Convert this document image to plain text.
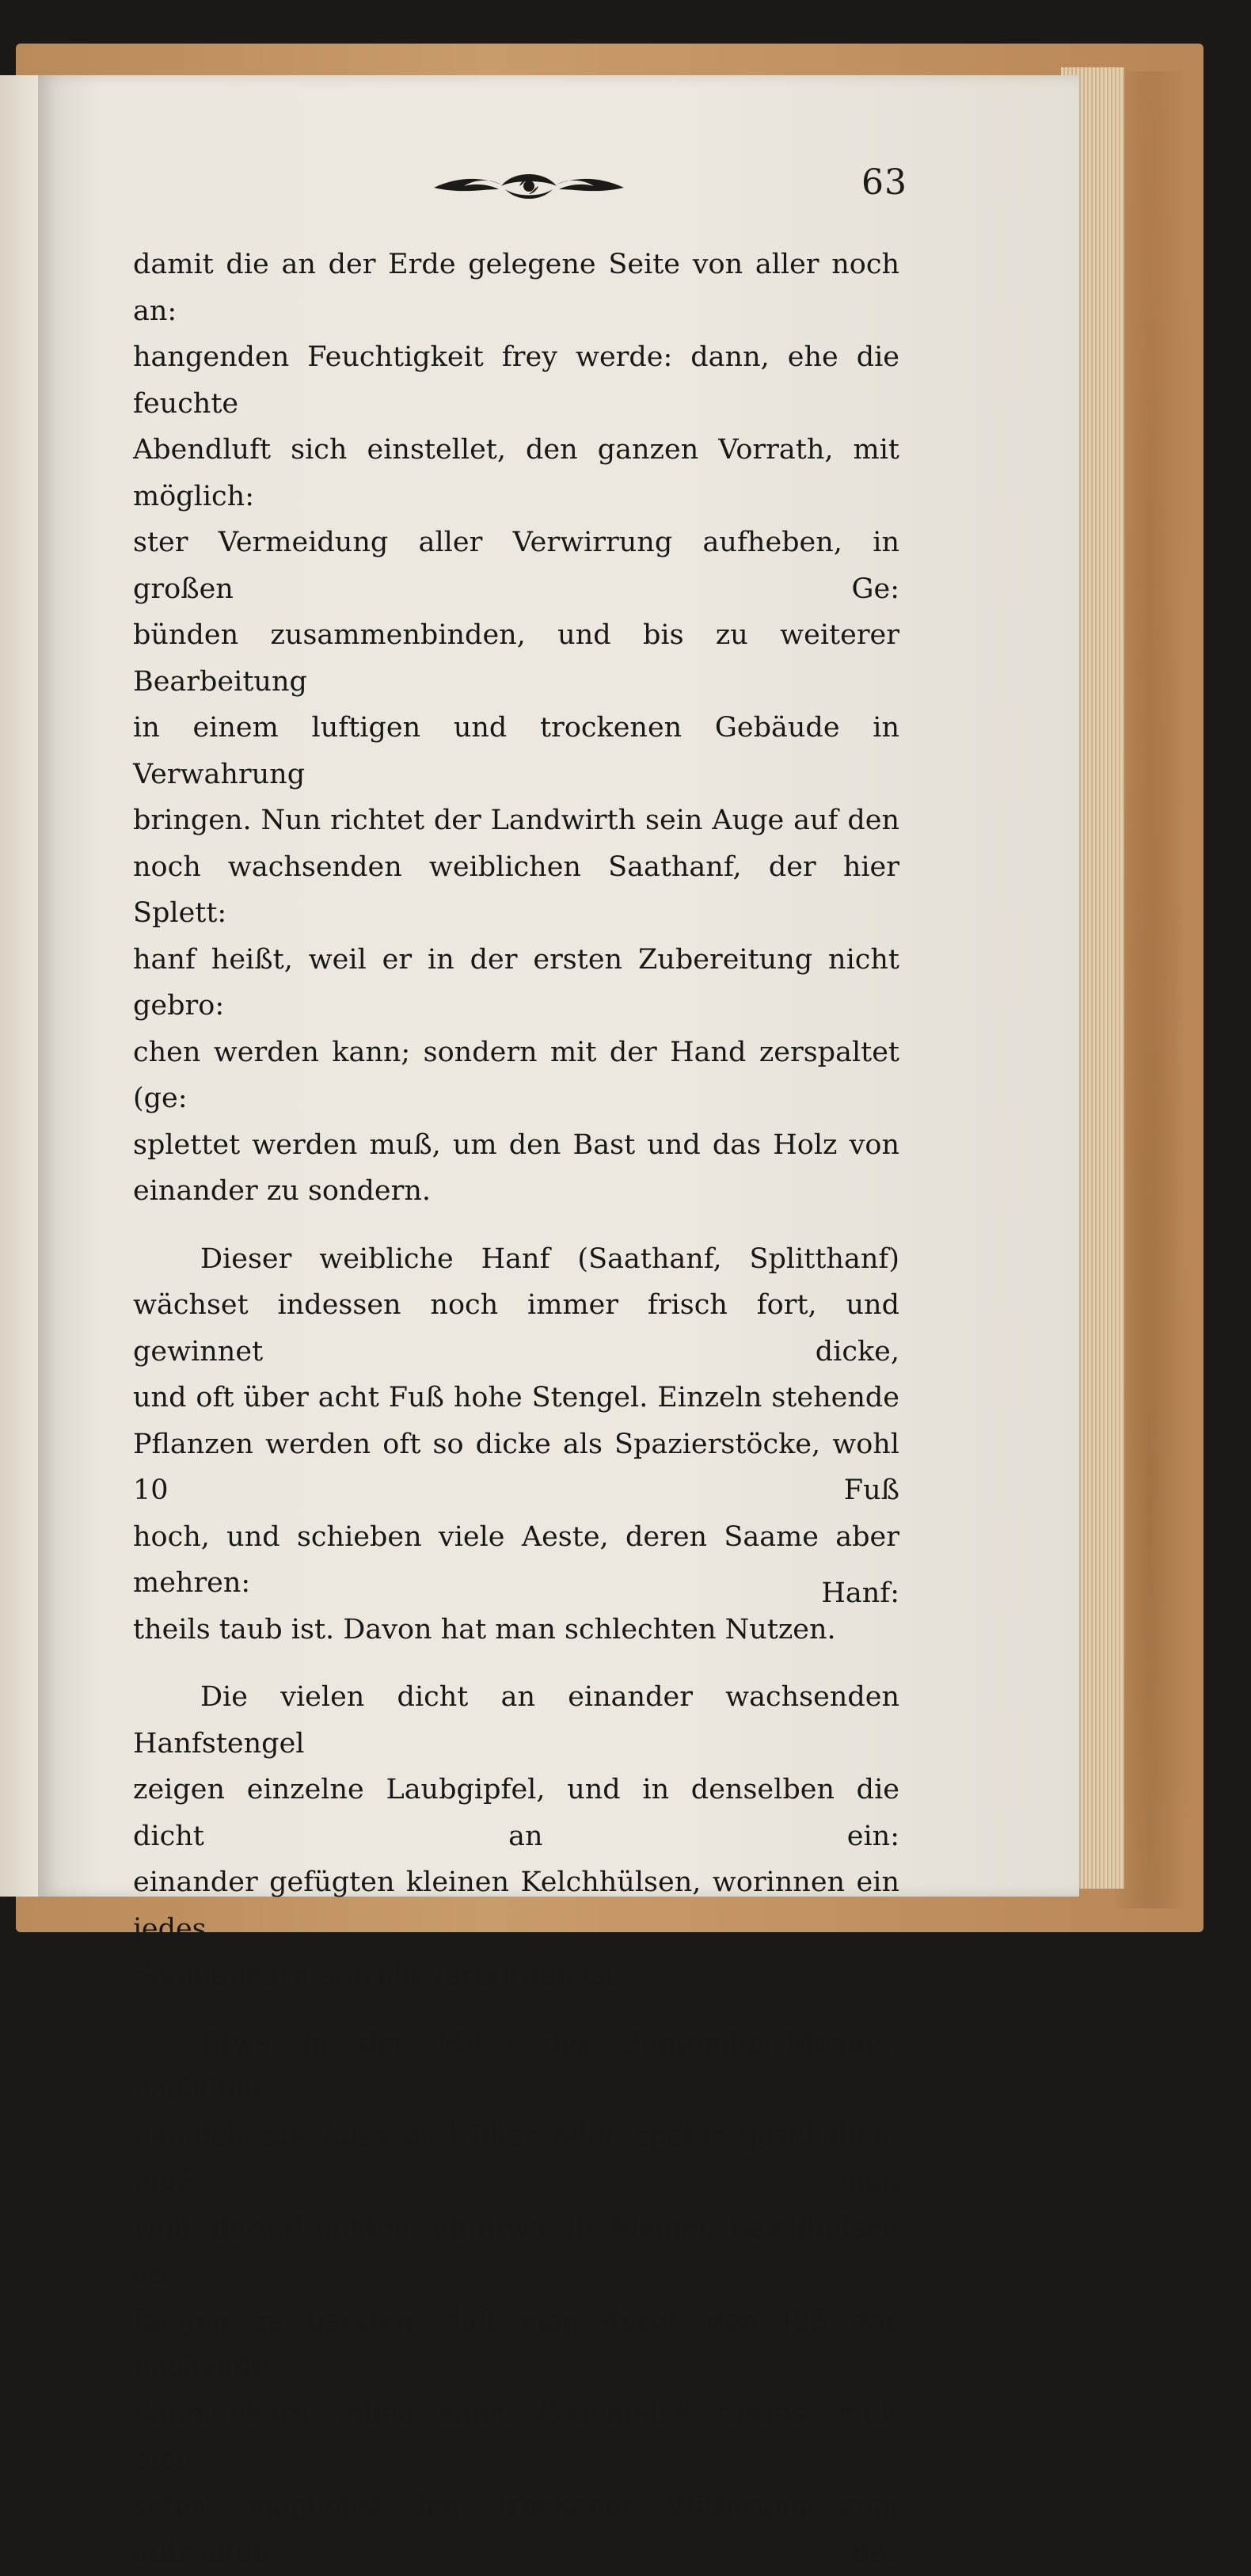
63

damit die an der Erde gelegene Seite von aller noch an:

hangenden Feuchtigkeit frey werde: dann, ehe die feuchte

Abendluft sich einstellet, den ganzen Vorrath, mit möglich:

ster Vermeidung aller Verwirrung aufheben, in großen Ge:

bünden zusammenbinden, und bis zu weiterer Bearbeitung

in einem luftigen und trockenen Gebäude in Verwahrung

bringen. Nun richtet der Landwirth sein Auge auf den

noch wachsenden weiblichen Saathanf, der hier Splett:

hanf heißt, weil er in der ersten Zubereitung nicht gebro:

chen werden kann; sondern mit der Hand zerspaltet (ge:

splettet werden muß, um den Bast und das Holz von

einander zu sondern.

Dieser weibliche Hanf (Saathanf, Splitthanf)

wächset indessen noch immer frisch fort, und gewinnet dicke,

und oft über acht Fuß hohe Stengel. Einzeln stehende

Pflanzen werden oft so dicke als Spazierstöcke, wohl 10 Fuß

hoch, und schieben viele Aeste, deren Saame aber mehren:

theils taub ist. Davon hat man schlechten Nutzen.

Die vielen dicht an einander wachsenden Hanfstengel

zeigen einzelne Laubgipfel, und in denselben die dicht an ein:

einander gefügten kleinen Kelchhülsen, worinnen ein jedes

Saamenkorn einzeln verborgen ist.

Etwa in der Mitte des September:Monats, nachdem

nemlich die Aussaat früher oder später geschehen, muß man

wohl darauf achten, ob etwa die kleinen Kelchhülsen an:

fangen zu bersten, daß man durch den Riß das nackende

Saamenkorn sehen kann. Geschiehet dieses, muß man

sofort möglichst bey trockener Witterung zum aufraufen der

Hanf:
